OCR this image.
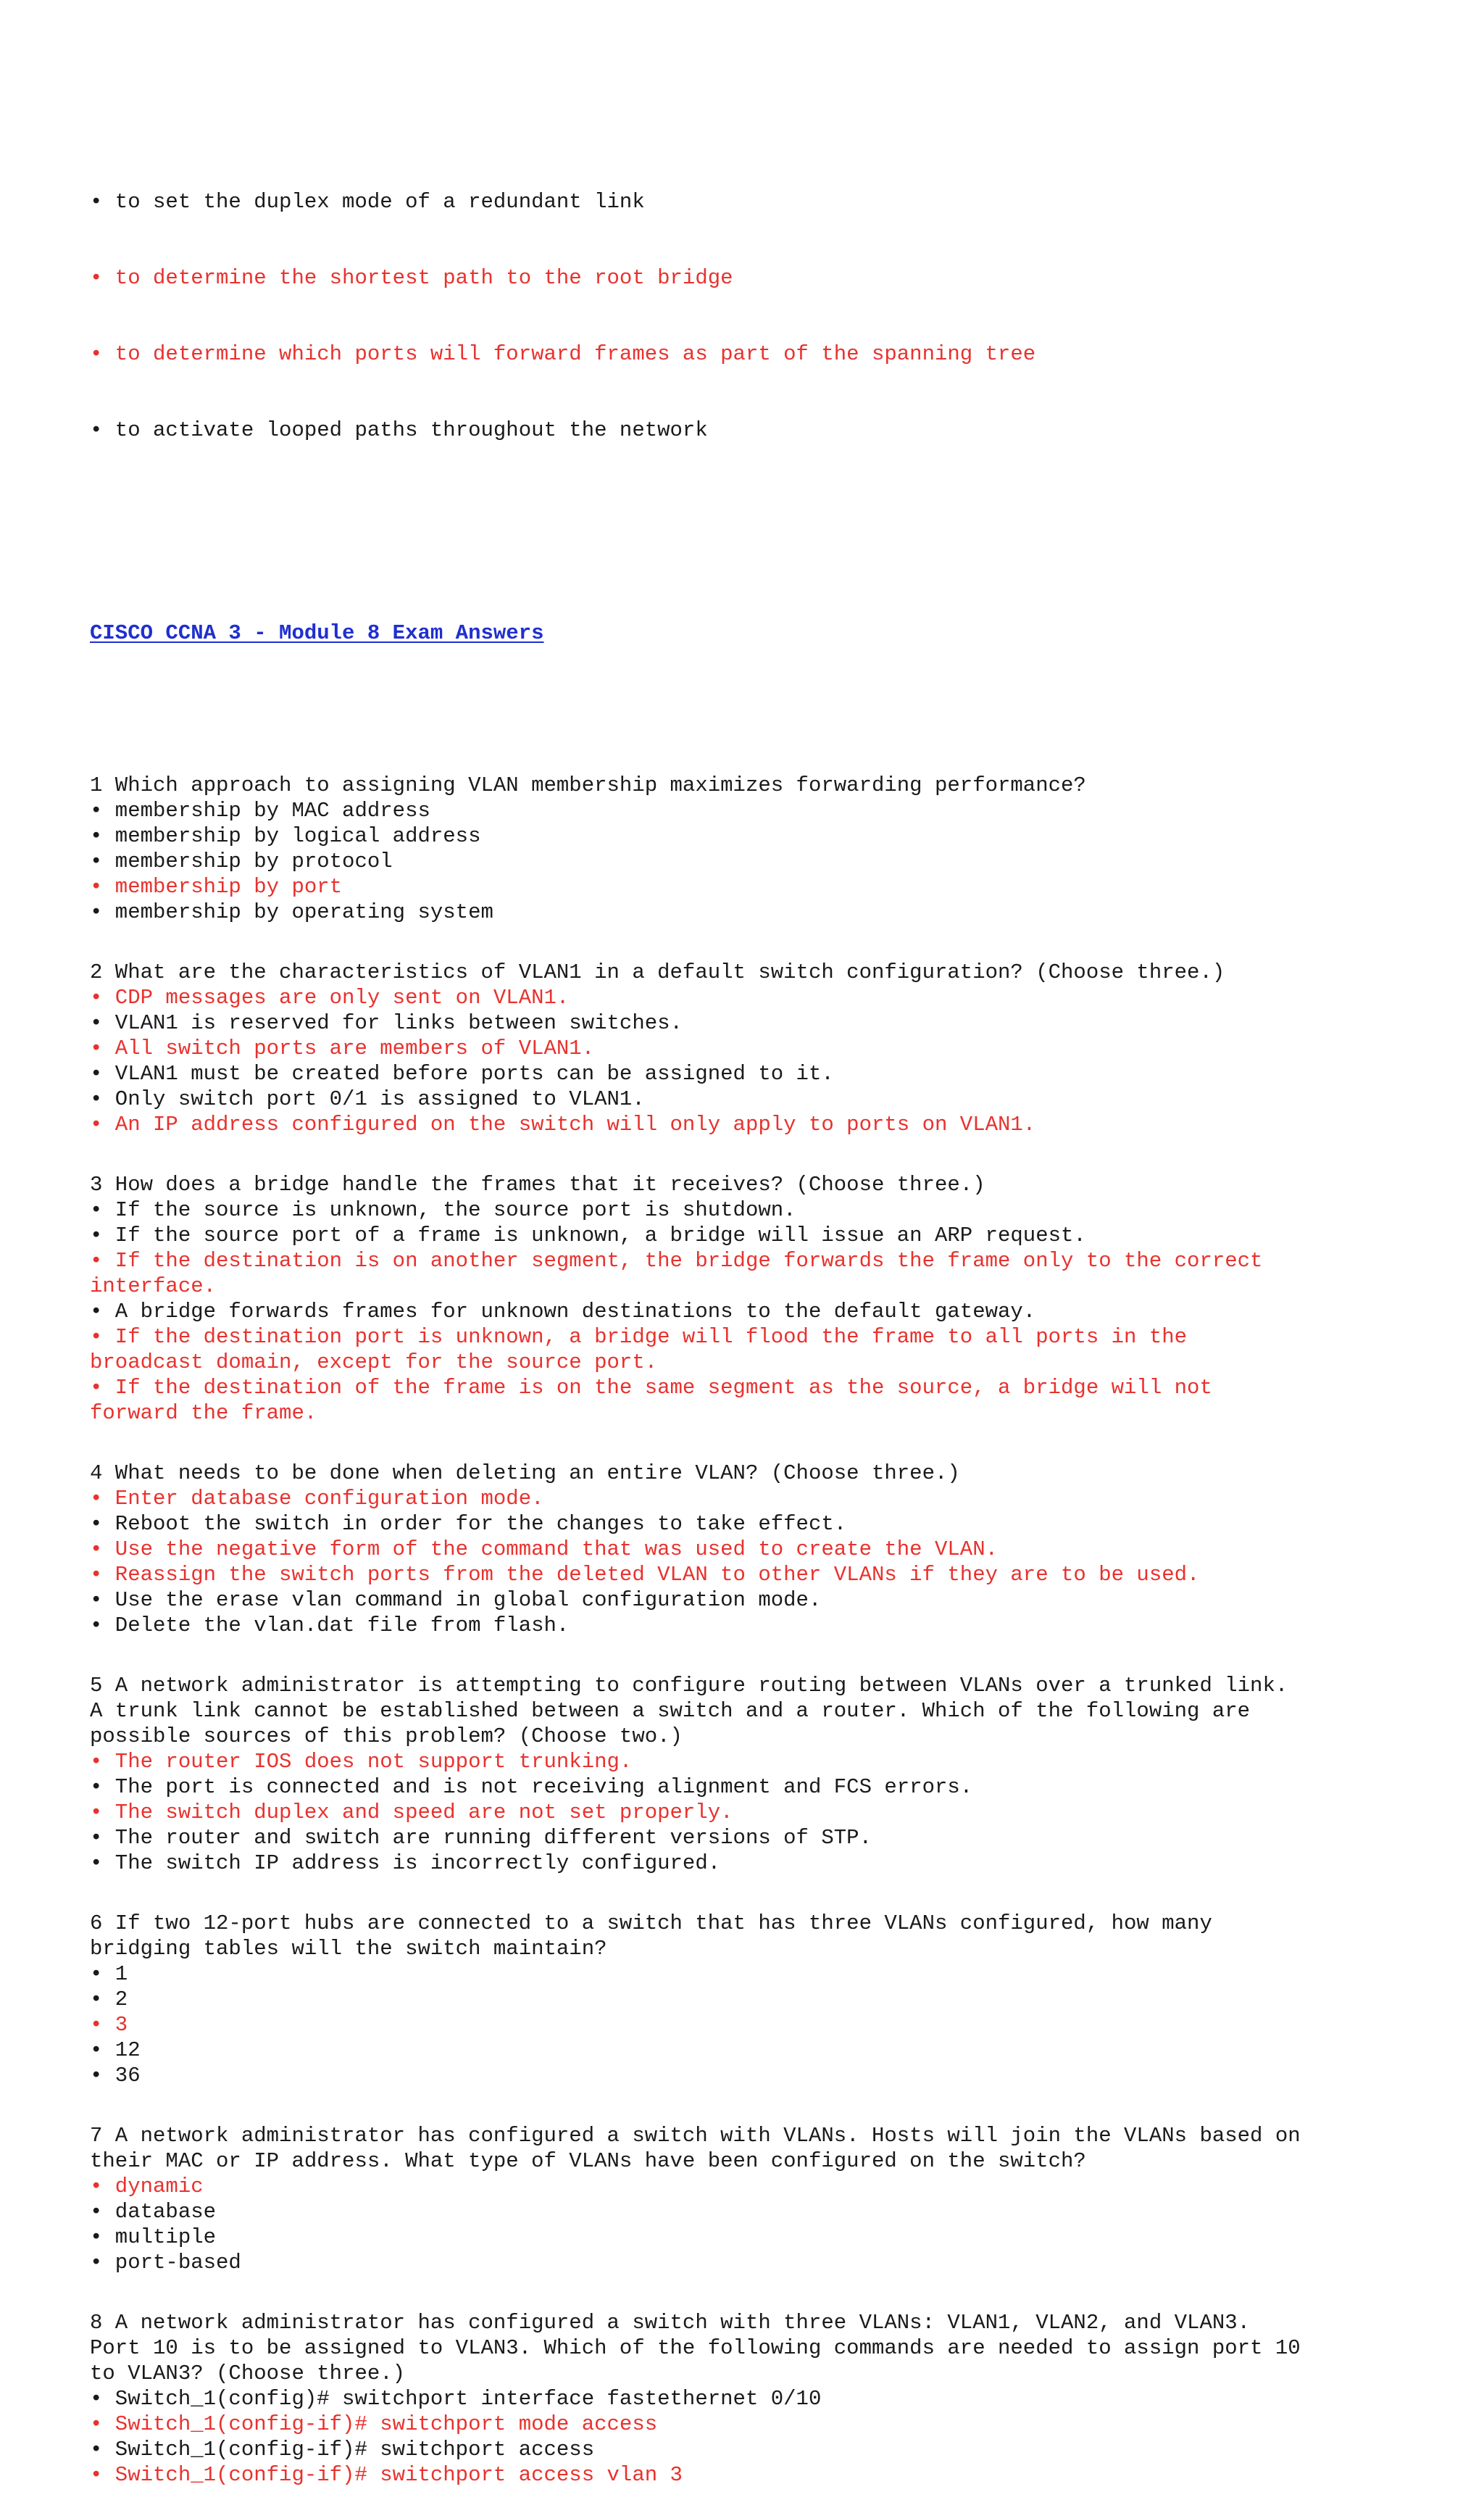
• to set the duplex mode of a redundant link

• to determine the shortest path to the root bridge

• to determine which ports will forward frames as part of the spanning tree

• to activate looped paths throughout the network

CISCO CCNA 3 - Module 8 Exam Answers

1 Which approach to assigning VLAN membership maximizes forwarding performance?
• membership by MAC address
• membership by logical address
• membership by protocol
• membership by port
• membership by operating system
2 What are the characteristics of VLAN1 in a default switch configuration? (Choose three.)
• CDP messages are only sent on VLAN1.
• VLAN1 is reserved for links between switches.
• All switch ports are members of VLAN1.
• VLAN1 must be created before ports can be assigned to it.
• Only switch port 0/1 is assigned to VLAN1.
• An IP address configured on the switch will only apply to ports on VLAN1.
3 How does a bridge handle the frames that it receives? (Choose three.)
• If the source is unknown, the source port is shutdown.
• If the source port of a frame is unknown, a bridge will issue an ARP request.
• If the destination is on another segment, the bridge forwards the frame only to the correct
interface.
• A bridge forwards frames for unknown destinations to the default gateway.
• If the destination port is unknown, a bridge will flood the frame to all ports in the
broadcast domain, except for the source port.
• If the destination of the frame is on the same segment as the source, a bridge will not
forward the frame.
4 What needs to be done when deleting an entire VLAN? (Choose three.)
• Enter database configuration mode.
• Reboot the switch in order for the changes to take effect.
• Use the negative form of the command that was used to create the VLAN.
• Reassign the switch ports from the deleted VLAN to other VLANs if they are to be used.
• Use the erase vlan command in global configuration mode.
• Delete the vlan.dat file from flash.
5 A network administrator is attempting to configure routing between VLANs over a trunked link.
A trunk link cannot be established between a switch and a router. Which of the following are
possible sources of this problem? (Choose two.)
• The router IOS does not support trunking.
• The port is connected and is not receiving alignment and FCS errors.
• The switch duplex and speed are not set properly.
• The router and switch are running different versions of STP.
• The switch IP address is incorrectly configured.
6 If two 12-port hubs are connected to a switch that has three VLANs configured, how many
bridging tables will the switch maintain?
• 1
• 2
• 3
• 12
• 36
7 A network administrator has configured a switch with VLANs. Hosts will join the VLANs based on
their MAC or IP address. What type of VLANs have been configured on the switch?
• dynamic
• database
• multiple
• port-based
8 A network administrator has configured a switch with three VLANs: VLAN1, VLAN2, and VLAN3.
Port 10 is to be assigned to VLAN3. Which of the following commands are needed to assign port 10
to VLAN3? (Choose three.)
• Switch_1(config)# switchport interface fastethernet 0/10
• Switch_1(config-if)# switchport mode access
• Switch_1(config-if)# switchport access
• Switch_1(config-if)# switchport access vlan 3
